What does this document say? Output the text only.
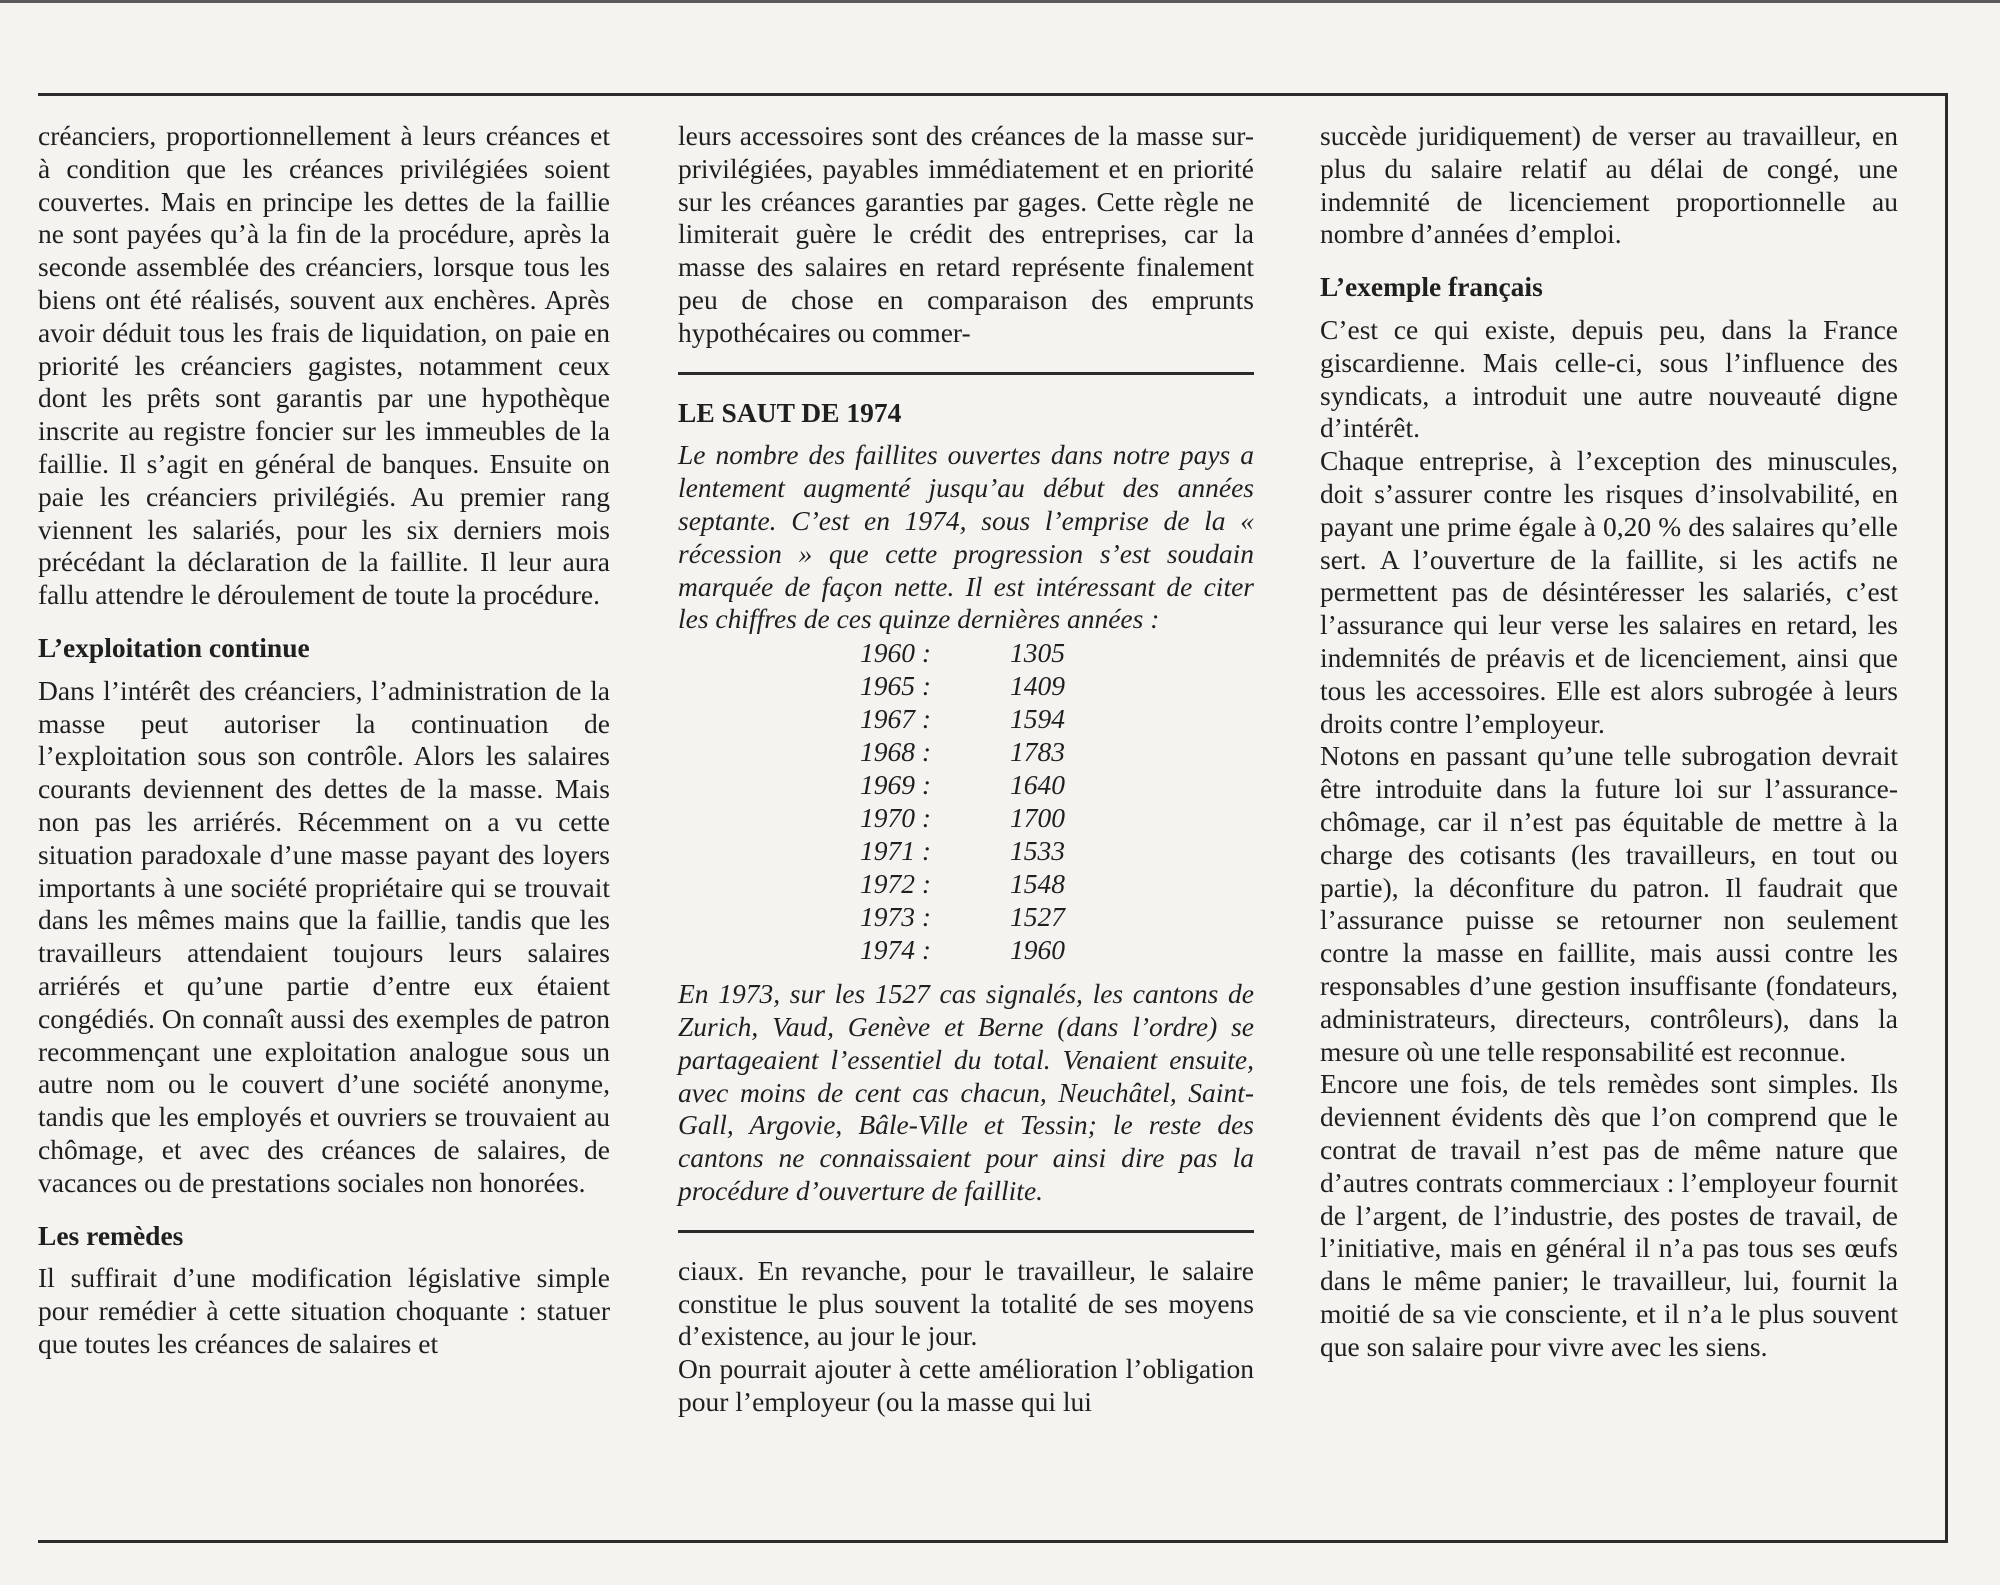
créanciers, proportionnellement à leurs créances et à condition que les créances privilégiées soient couvertes. Mais en principe les dettes de la faillie ne sont payées qu’à la fin de la procédure, après la seconde assemblée des créanciers, lorsque tous les biens ont été réalisés, souvent aux enchères. Après avoir déduit tous les frais de liquidation, on paie en priorité les créanciers gagistes, notamment ceux dont les prêts sont garantis par une hypothèque inscrite au registre foncier sur les immeubles de la faillie. Il s’agit en général de banques. Ensuite on paie les créanciers privilégiés. Au premier rang viennent les salariés, pour les six derniers mois précédant la déclaration de la faillite. Il leur aura fallu attendre le déroulement de toute la procédure.

L’exploitation continue

Dans l’intérêt des créanciers, l’administration de la masse peut autoriser la continuation de l’exploitation sous son contrôle. Alors les salaires courants deviennent des dettes de la masse. Mais non pas les arriérés. Récemment on a vu cette situation paradoxale d’une masse payant des loyers importants à une société propriétaire qui se trouvait dans les mêmes mains que la faillie, tandis que les travailleurs attendaient toujours leurs salaires arriérés et qu’une partie d’entre eux étaient congédiés. On connaît aussi des exemples de patron recommençant une exploitation analogue sous un autre nom ou le couvert d’une société anonyme, tandis que les employés et ouvriers se trouvaient au chômage, et avec des créances de salaires, de vacances ou de prestations sociales non honorées.

Les remèdes

Il suffirait d’une modification législative simple pour remédier à cette situation choquante : statuer que toutes les créances de salaires et

leurs accessoires sont des créances de la masse sur-privilégiées, payables immédiatement et en priorité sur les créances garanties par gages. Cette règle ne limiterait guère le crédit des entreprises, car la masse des salaires en retard représente finalement peu de chose en comparaison des emprunts hypothécaires ou commer-

LE SAUT DE 1974

Le nombre des faillites ouvertes dans notre pays a lentement augmenté jusqu’au début des années septante. C’est en 1974, sous l’emprise de la « récession » que cette progression s’est soudain marquée de façon nette. Il est intéressant de citer les chiffres de ces quinze dernières années :

1960 :	1305
1965 :	1409
1967 :	1594
1968 :	1783
1969 :	1640
1970 :	1700
1971 :	1533
1972 :	1548
1973 :	1527
1974 :	1960

En 1973, sur les 1527 cas signalés, les cantons de Zurich, Vaud, Genève et Berne (dans l’ordre) se partageaient l’essentiel du total. Venaient ensuite, avec moins de cent cas chacun, Neuchâtel, Saint-Gall, Argovie, Bâle-Ville et Tessin; le reste des cantons ne connaissaient pour ainsi dire pas la procédure d’ouverture de faillite.

ciaux. En revanche, pour le travailleur, le salaire constitue le plus souvent la totalité de ses moyens d’existence, au jour le jour.

On pourrait ajouter à cette amélioration l’obligation pour l’employeur (ou la masse qui lui

succède juridiquement) de verser au travailleur, en plus du salaire relatif au délai de congé, une indemnité de licenciement proportionnelle au nombre d’années d’emploi.

L’exemple français

C’est ce qui existe, depuis peu, dans la France giscardienne. Mais celle-ci, sous l’influence des syndicats, a introduit une autre nouveauté digne d’intérêt.

Chaque entreprise, à l’exception des minuscules, doit s’assurer contre les risques d’insolvabilité, en payant une prime égale à 0,20 % des salaires qu’elle sert. A l’ouverture de la faillite, si les actifs ne permettent pas de désintéresser les salariés, c’est l’assurance qui leur verse les salaires en retard, les indemnités de préavis et de licenciement, ainsi que tous les accessoires. Elle est alors subrogée à leurs droits contre l’employeur.

Notons en passant qu’une telle subrogation devrait être introduite dans la future loi sur l’assurance-chômage, car il n’est pas équitable de mettre à la charge des cotisants (les travailleurs, en tout ou partie), la déconfiture du patron. Il faudrait que l’assurance puisse se retourner non seulement contre la masse en faillite, mais aussi contre les responsables d’une gestion insuffisante (fondateurs, administrateurs, directeurs, contrôleurs), dans la mesure où une telle responsabilité est reconnue.

Encore une fois, de tels remèdes sont simples. Ils deviennent évidents dès que l’on comprend que le contrat de travail n’est pas de même nature que d’autres contrats commerciaux : l’employeur fournit de l’argent, de l’industrie, des postes de travail, de l’initiative, mais en général il n’a pas tous ses œufs dans le même panier; le travailleur, lui, fournit la moitié de sa vie consciente, et il n’a le plus souvent que son salaire pour vivre avec les siens.
